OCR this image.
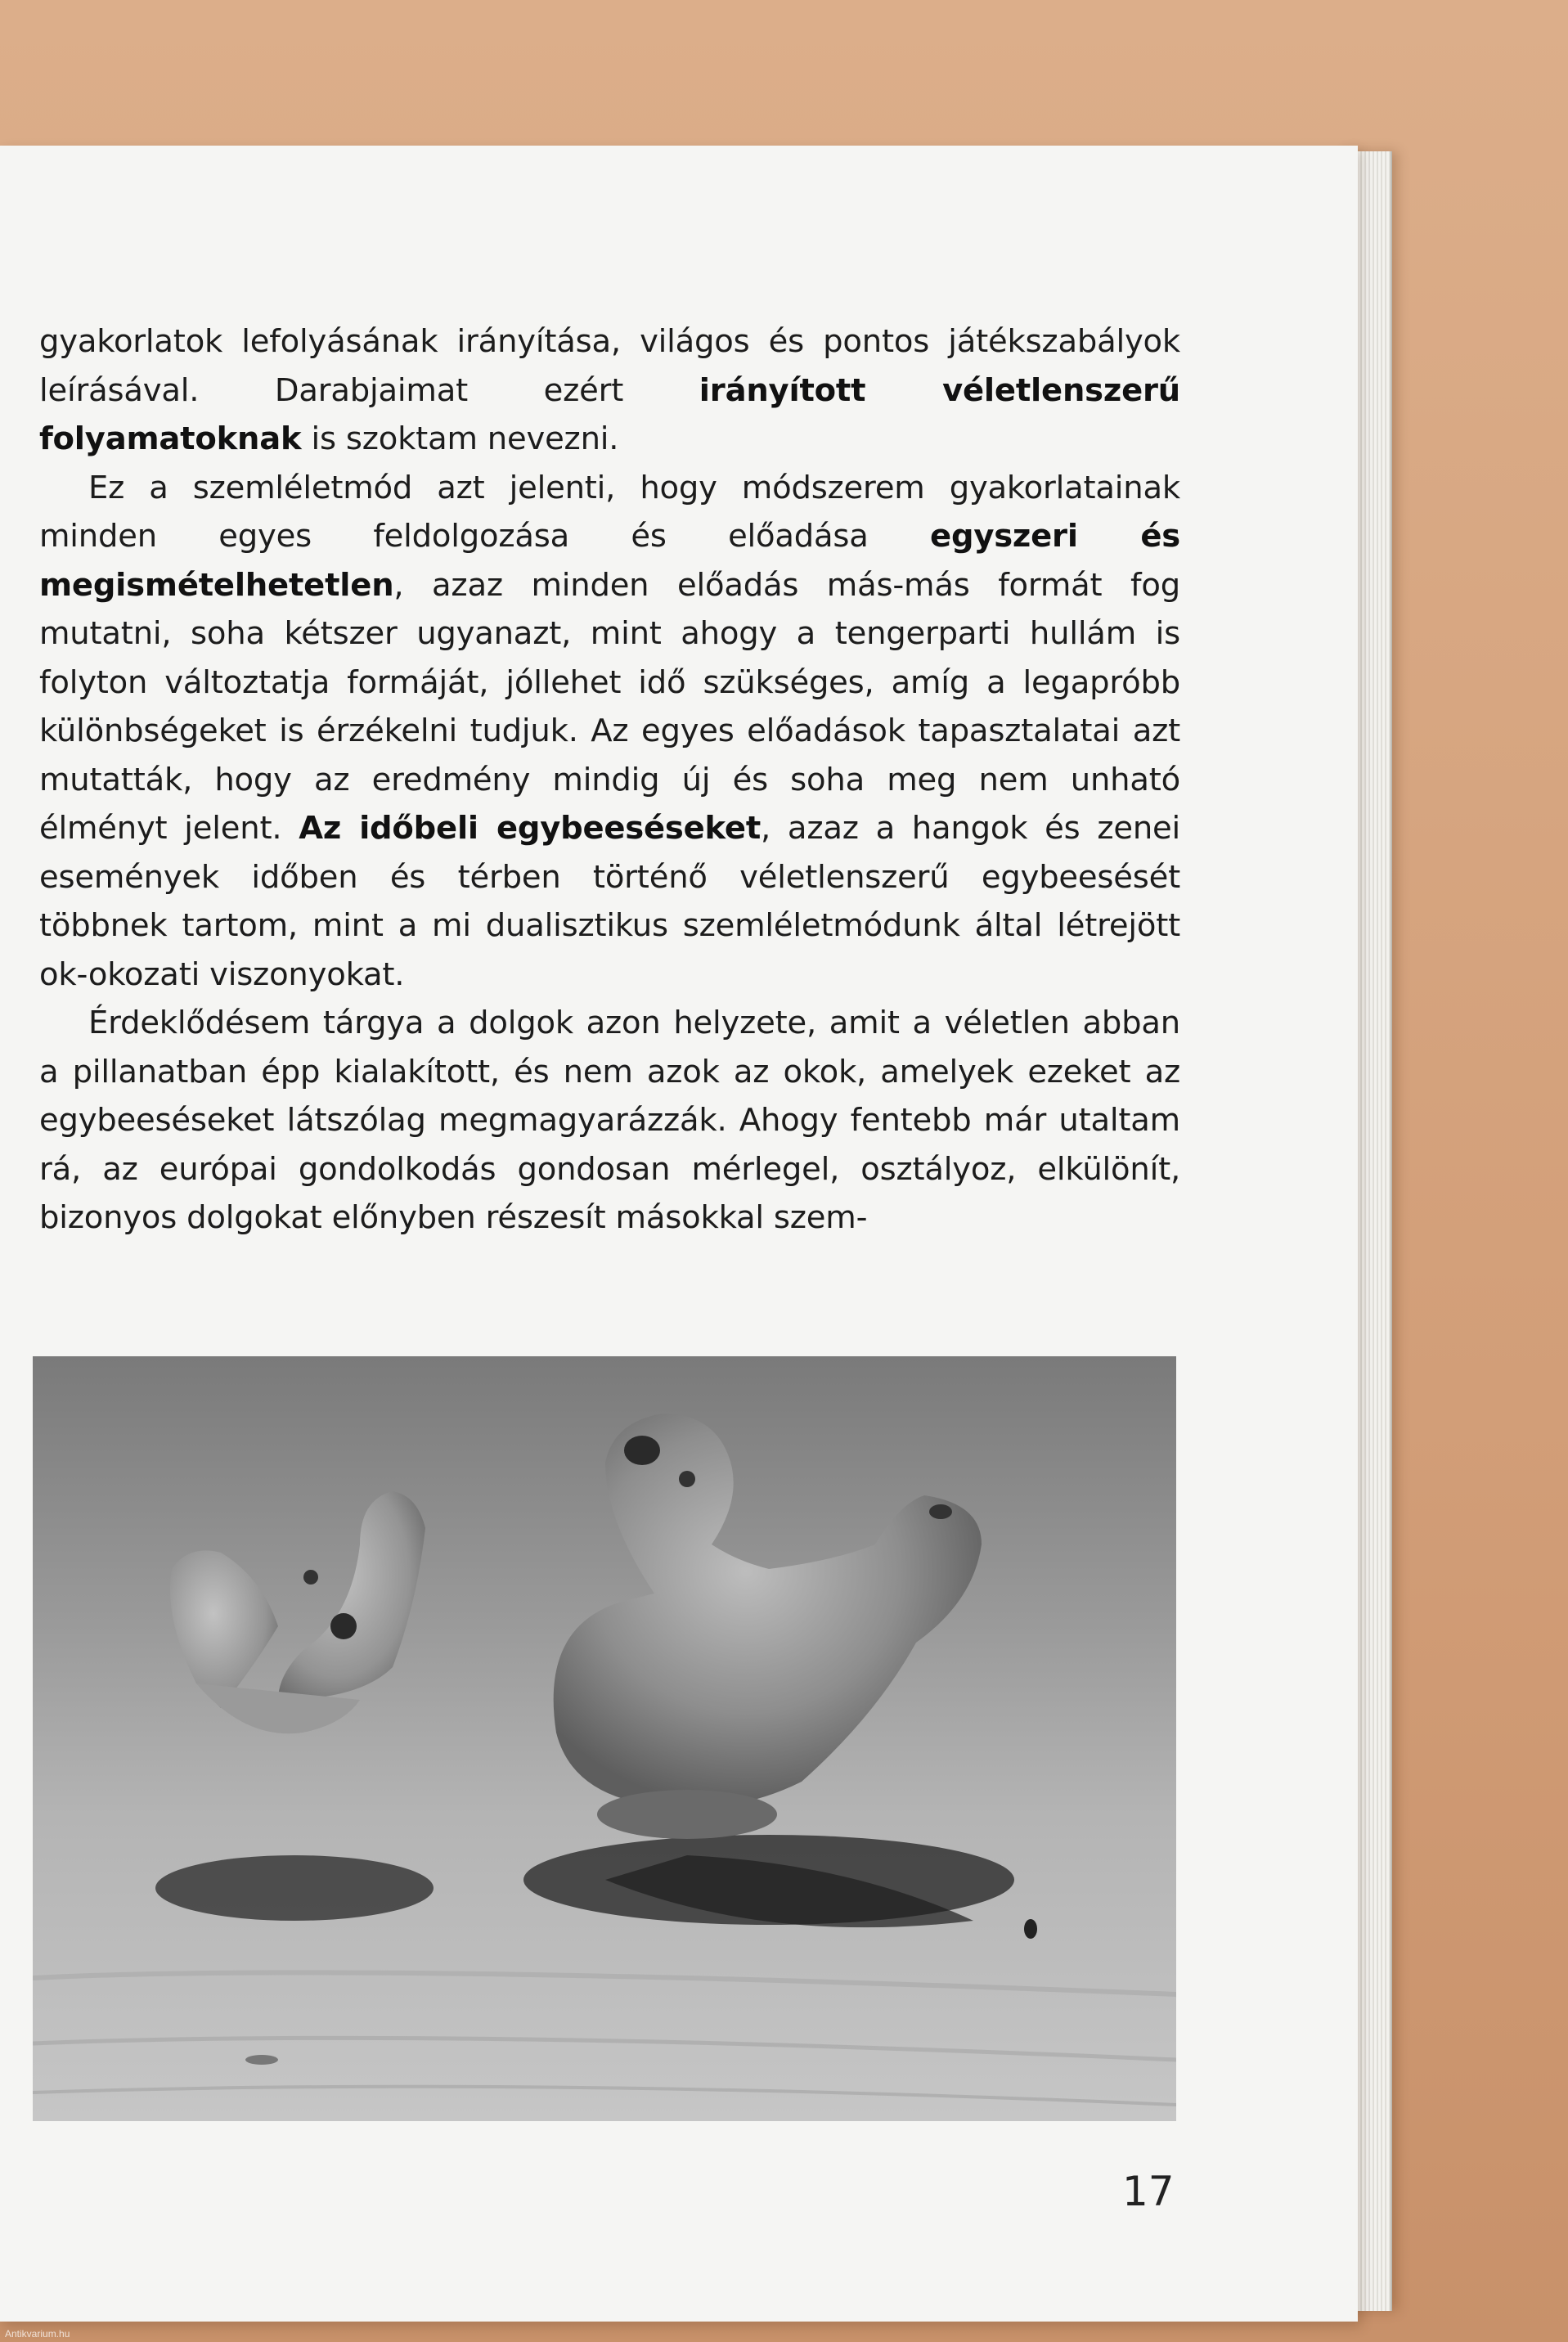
gyakorlatok lefolyásának irányítása, világos és pontos játékszabályok leírásával. Darabjaimat ezért irányított véletlenszerű folyamatoknak is szoktam nevezni.

Ez a szemléletmód azt jelenti, hogy módszerem gyakorlatainak minden egyes feldolgozása és előadása egyszeri és megismételhetetlen, azaz minden előadás más-más formát fog mutatni, soha kétszer ugyanazt, mint ahogy a tengerparti hullám is folyton változtatja formáját, jóllehet idő szükséges, amíg a legapróbb különbségeket is érzékelni tudjuk. Az egyes előadások tapasztalatai azt mutatták, hogy az eredmény mindig új és soha meg nem unható élményt jelent. Az időbeli egybeeséseket, azaz a hangok és zenei események időben és térben történő véletlenszerű egybeesését többnek tartom, mint a mi dualisztikus szemléletmódunk által létrejött ok-okozati viszonyokat.

Érdeklődésem tárgya a dolgok azon helyzete, amit a véletlen abban a pillanatban épp kialakított, és nem azok az okok, amelyek ezeket az egybeeséseket látszólag megmagyarázzák. Ahogy fentebb már utaltam rá, az európai gondolkodás gondosan mérlegel, osztályoz, elkülönít, bizonyos dolgokat előnyben részesít másokkal szem-

17
Antikvarium.hu
